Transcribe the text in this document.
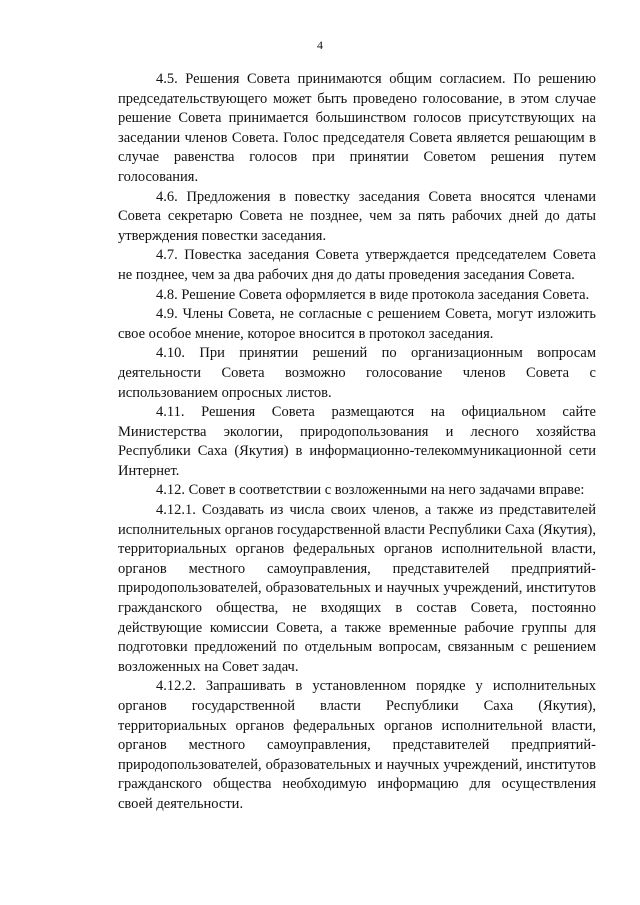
4

4.5. Решения Совета принимаются общим согласием. По решению председательствующего может быть проведено голосование, в этом случае решение Совета принимается большинством голосов присутствующих на заседании членов Совета. Голос председателя Совета является решающим в случае равенства голосов при принятии Советом решения путем голосования.

4.6. Предложения в повестку заседания Совета вносятся членами Совета секретарю Совета не позднее, чем за пять рабочих дней до даты утверждения повестки заседания.

4.7. Повестка заседания Совета утверждается председателем Совета не позднее, чем за два рабочих дня до даты проведения заседания Совета.

4.8. Решение Совета оформляется в виде протокола заседания Совета.

4.9. Члены Совета, не согласные с решением Совета, могут изложить свое особое мнение, которое вносится в протокол заседания.

4.10. При принятии решений по организационным вопросам деятельности Совета возможно голосование членов Совета с использованием опросных листов.

4.11. Решения Совета размещаются на официальном сайте Министерства экологии, природопользования и лесного хозяйства Республики Саха (Якутия) в информационно-телекоммуникационной сети Интернет.

4.12. Совет в соответствии с возложенными на него задачами вправе:

4.12.1. Создавать из числа своих членов, а также из представителей исполнительных органов государственной власти Республики Саха (Якутия), территориальных органов федеральных органов исполнительной власти, органов местного самоуправления, представителей предприятий-природопользователей, образовательных и научных учреждений, институтов гражданского общества, не входящих в состав Совета, постоянно действующие комиссии Совета, а также временные рабочие группы для подготовки предложений по отдельным вопросам, связанным с решением возложенных на Совет задач.

4.12.2. Запрашивать в установленном порядке у исполнительных органов государственной власти Республики Саха (Якутия), территориальных органов федеральных органов исполнительной власти, органов местного самоуправления, представителей предприятий-природопользователей, образовательных и научных учреждений, институтов гражданского общества необходимую информацию для осуществления своей деятельности.
